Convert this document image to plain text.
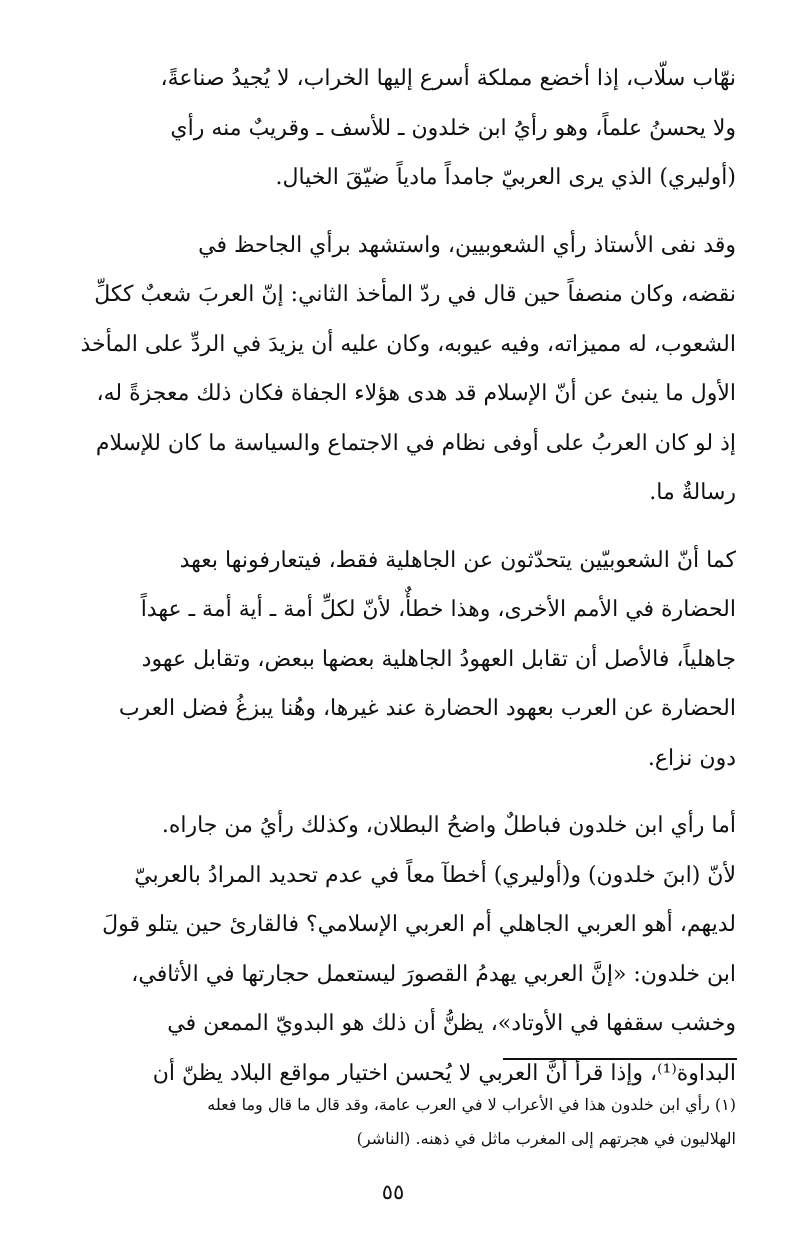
نهّاب سلّاب، إذا أخضع مملكة أسرع إليها الخراب، لا يُجيدُ صناعةً،
ولا يحسنُ علماً، وهو رأيُ ابن خلدون ـ للأسف ـ وقريبٌ منه رأي
(أوليري) الذي يرى العربيّ جامداً مادياً ضيّقَ الخيال.

وقد نفى الأستاذ رأي الشعوبيين، واستشهد برأي الجاحظ في
نقضه، وكان منصفاً حين قال في ردّ المأخذ الثاني: إنّ العربَ شعبٌ ككلِّ
الشعوب، له مميزاته، وفيه عيوبه، وكان عليه أن يزيدَ في الردِّ على المأخذ
الأول ما ينبئ عن أنّ الإسلام قد هدى هؤلاء الجفاة فكان ذلك معجزةً له،
إذ لو كان العربُ على أوفى نظام في الاجتماع والسياسة ما كان للإسلام
رسالةٌ ما.

كما أنّ الشعوبيّين يتحدّثون عن الجاهلية فقط، فيتعارفونها بعهد
الحضارة في الأمم الأخرى، وهذا خطأٌ، لأنّ لكلِّ أمة ـ أية أمة ـ عهداً
جاهلياً، فالأصل أن تقابل العهودُ الجاهلية بعضها ببعض، وتقابل عهود
الحضارة عن العرب بعهود الحضارة عند غيرها، وهُنا يبزغُ فضل العرب
دون نزاع.

أما رأي ابن خلدون فباطلٌ واضحُ البطلان، وكذلك رأيُ من جاراه.
لأنّ (ابنَ خلدون) و(أوليري) أخطآ معاً في عدم تحديد المرادُ بالعربيّ
لديهم، أهو العربي الجاهلي أم العربي الإسلامي؟ فالقارئ حين يتلو قولَ
ابن خلدون: «إنَّ العربي يهدمُ القصورَ ليستعمل حجارتها في الأثافي،
وخشب سقفها في الأوتاد»، يظنُّ أن ذلك هو البدويّ الممعن في
البداوة⁽¹⁾، وإذا قرأ أنَّ العربي لا يُحسن اختيار مواقع البلاد يظنّ أن

(١) رأي ابن خلدون هذا في الأعراب لا في العرب عامة، وقد قال ما قال وما فعله
الهلاليون في هجرتهم إلى المغرب ماثل في ذهنه. (الناشر)
٥٥
